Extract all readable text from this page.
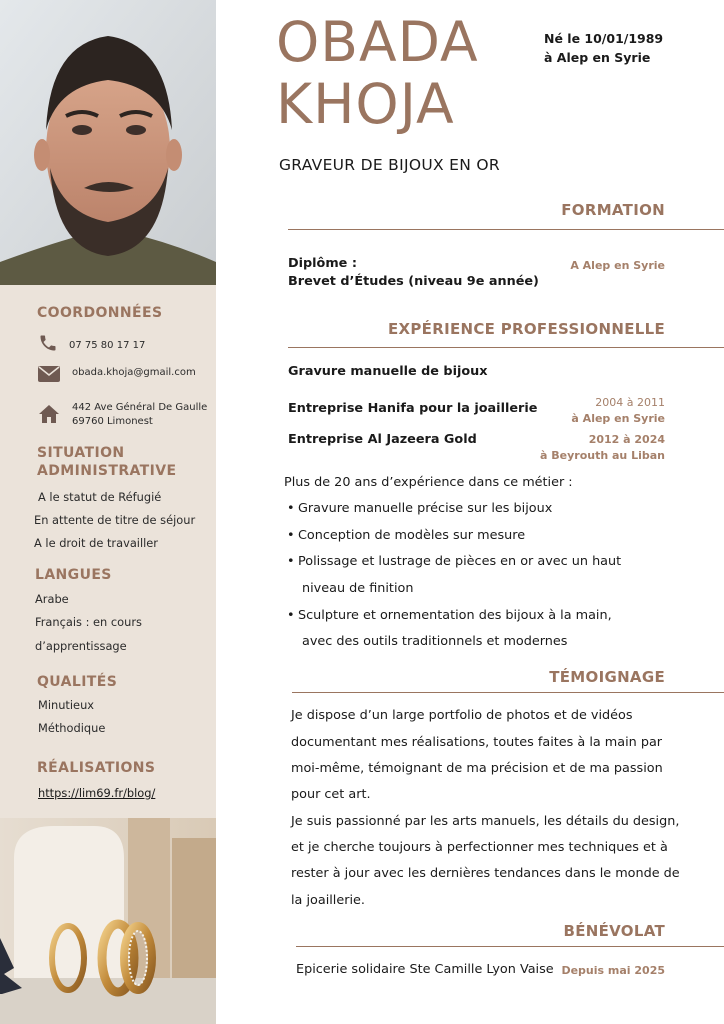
COORDONNÉES
07 75 80 17 17
obada.khoja@gmail.com
442 Ave Général De Gaulle
69760 Limonest
SITUATION
ADMINISTRATIVE
A le statut de Réfugié
En attente de titre de séjour
A le droit de travailler
LANGUES
Arabe
Français : en cours
d’apprentissage
QUALITÉS
Minutieux
Méthodique
RÉALISATIONS
https://lim69.fr/blog/
OBADA
KHOJA
Né le 10/01/1989
à Alep en Syrie
GRAVEUR DE BIJOUX EN OR
FORMATION
Diplôme :
Brevet d’Études (niveau 9e année)
A Alep en Syrie
EXPÉRIENCE PROFESSIONNELLE
Gravure manuelle de bijoux
Entreprise Hanifa pour la joaillerie	2004 à 2011
à Alep en Syrie
Entreprise Al Jazeera Gold	2012 à 2024
à Beyrouth au Liban
Plus de 20 ans d’expérience dans ce métier :
• Gravure manuelle précise sur les bijoux
• Conception de modèles sur mesure
• Polissage et lustrage de pièces en or avec un haut
niveau de finition
• Sculpture et ornementation des bijoux à la main,
avec des outils traditionnels et modernes
TÉMOIGNAGE
Je dispose d’un large portfolio de photos et de vidéos
documentant mes réalisations, toutes faites à la main par
moi-même, témoignant de ma précision et de ma passion
pour cet art.
Je suis passionné par les arts manuels, les détails du design,
et je cherche toujours à perfectionner mes techniques et à
rester à jour avec les dernières tendances dans le monde de
la joaillerie.
BÉNÉVOLAT
Epicerie solidaire Ste Camille Lyon Vaise Depuis mai 2025
